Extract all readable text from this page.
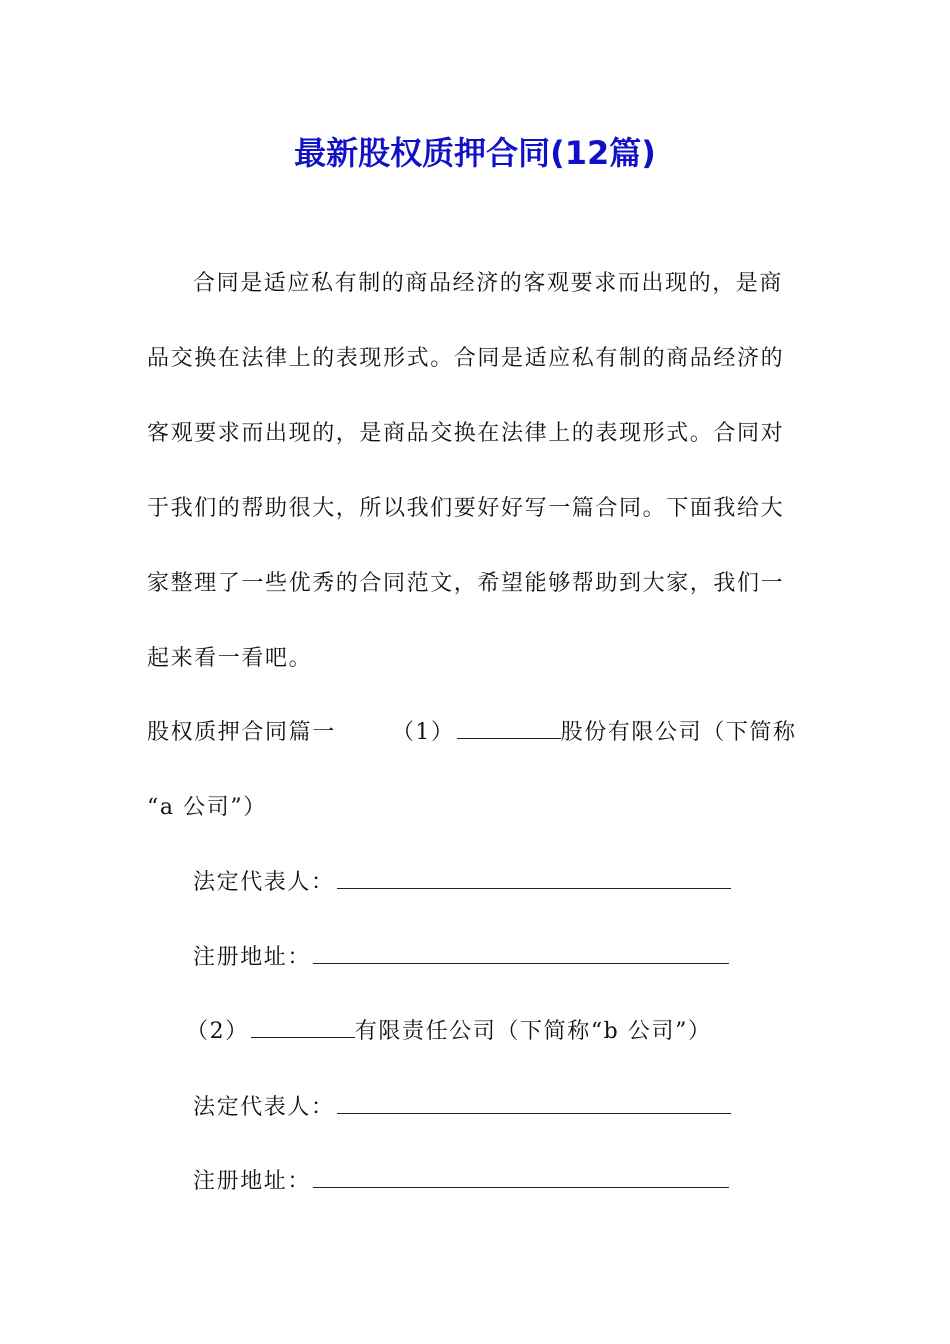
最新股权质押合同(12篇)
合同是适应私有制的商品经济的客观要求而出现的，是商
品交换在法律上的表现形式。合同是适应私有制的商品经济的
客观要求而出现的，是商品交换在法律上的表现形式。合同对
于我们的帮助很大，所以我们要好好写一篇合同。下面我给大
家整理了一些优秀的合同范文，希望能够帮助到大家，我们一
起来看一看吧。
股权质押合同篇一	（1）	股份有限公司（下简称
“a 公司”）
法定代表人：
注册地址：
（2）	有限责任公司（下简称“b 公司”）
法定代表人：
注册地址：
